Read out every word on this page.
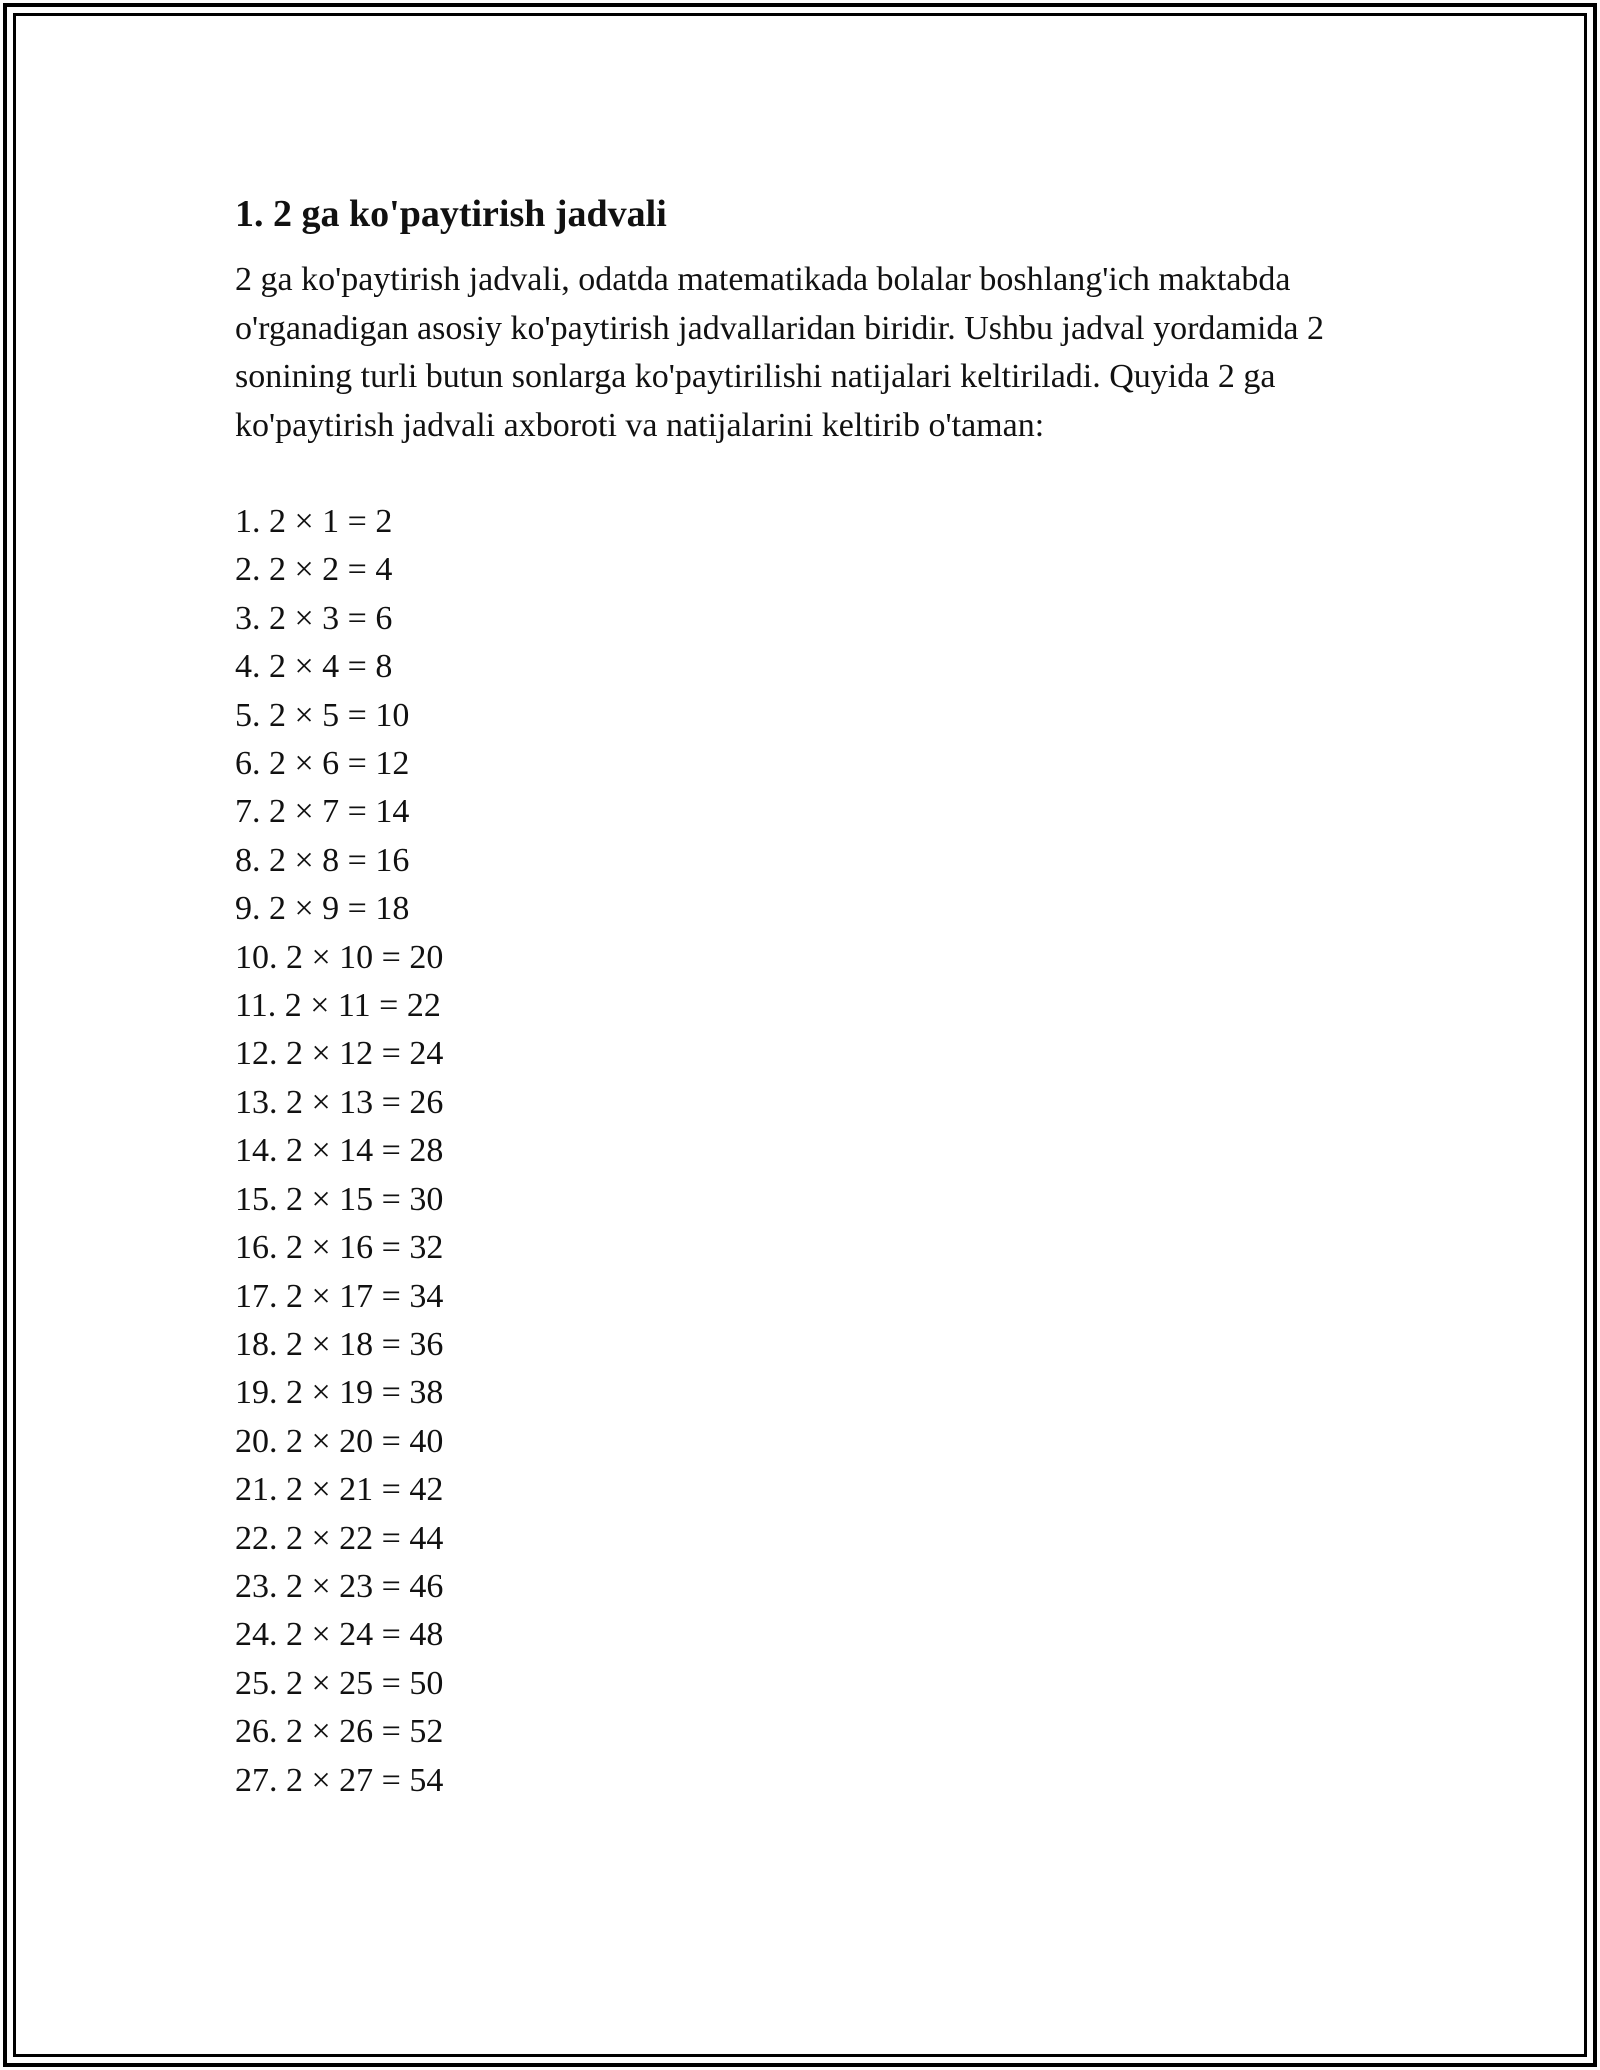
1. 2 ga ko'paytirish jadvali

2 ga ko'paytirish jadvali, odatda matematikada bolalar boshlang'ich maktabda o'rganadigan asosiy ko'paytirish jadvallaridan biridir. Ushbu jadval yordamida 2 sonining turli butun sonlarga ko'paytirilishi natijalari keltiriladi. Quyida 2 ga ko'paytirish jadvali axboroti va natijalarini keltirib o'taman:

1. 2 × 1 = 2
2. 2 × 2 = 4
3. 2 × 3 = 6
4. 2 × 4 = 8
5. 2 × 5 = 10
6. 2 × 6 = 12
7. 2 × 7 = 14
8. 2 × 8 = 16
9. 2 × 9 = 18
10. 2 × 10 = 20
11. 2 × 11 = 22
12. 2 × 12 = 24
13. 2 × 13 = 26
14. 2 × 14 = 28
15. 2 × 15 = 30
16. 2 × 16 = 32
17. 2 × 17 = 34
18. 2 × 18 = 36
19. 2 × 19 = 38
20. 2 × 20 = 40
21. 2 × 21 = 42
22. 2 × 22 = 44
23. 2 × 23 = 46
24. 2 × 24 = 48
25. 2 × 25 = 50
26. 2 × 26 = 52
27. 2 × 27 = 54
